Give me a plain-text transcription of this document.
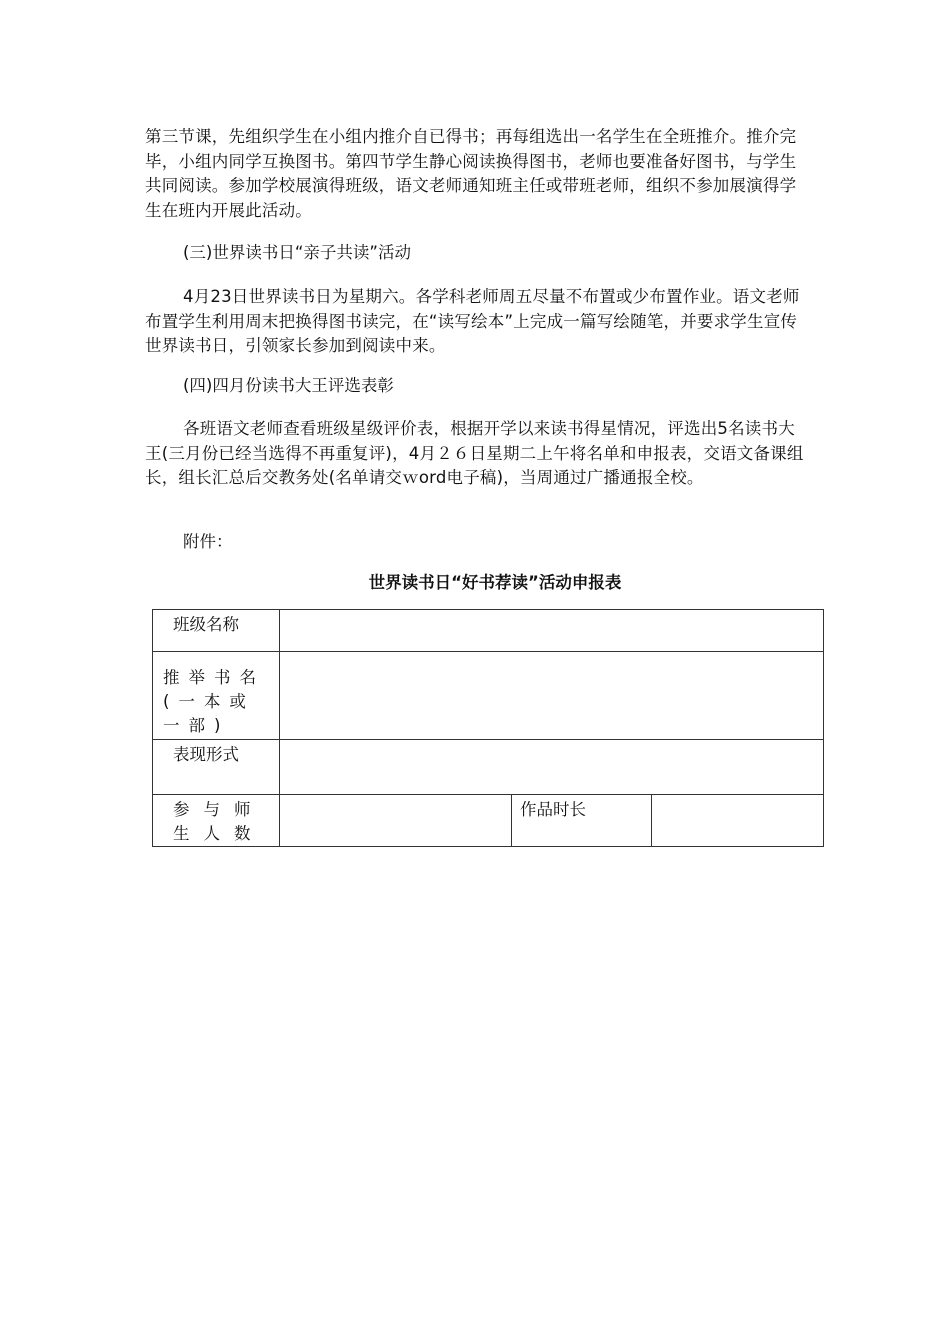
第三节课，先组织学生在小组内推介自已得书；再每组选出一名学生在全班推介。推介完毕，小组内同学互换图书。第四节学生静心阅读换得图书，老师也要准备好图书，与学生共同阅读。参加学校展演得班级，语文老师通知班主任或带班老师，组织不参加展演得学生在班内开展此活动。

(三)世界读书日“亲子共读”活动

4月23日世界读书日为星期六。各学科老师周五尽量不布置或少布置作业。语文老师布置学生利用周末把换得图书读完，在“读写绘本”上完成一篇写绘随笔，并要求学生宣传世界读书日，引领家长参加到阅读中来。

(四)四月份读书大王评选表彰

各班语文老师查看班级星级评价表，根据开学以来读书得星情况，评选出5名读书大王(三月份已经当选得不再重复评)，4月２６日星期二上午将名单和申报表，交语文备课组长，组长汇总后交教务处(名单请交ｗord电子稿)，当周通过广播通报全校。

附件：

世界读书日“好书荐读”活动申报表

班级名称			

推举书名(一本或一部)			

表现形式			

参与师生人数		作品时长	
